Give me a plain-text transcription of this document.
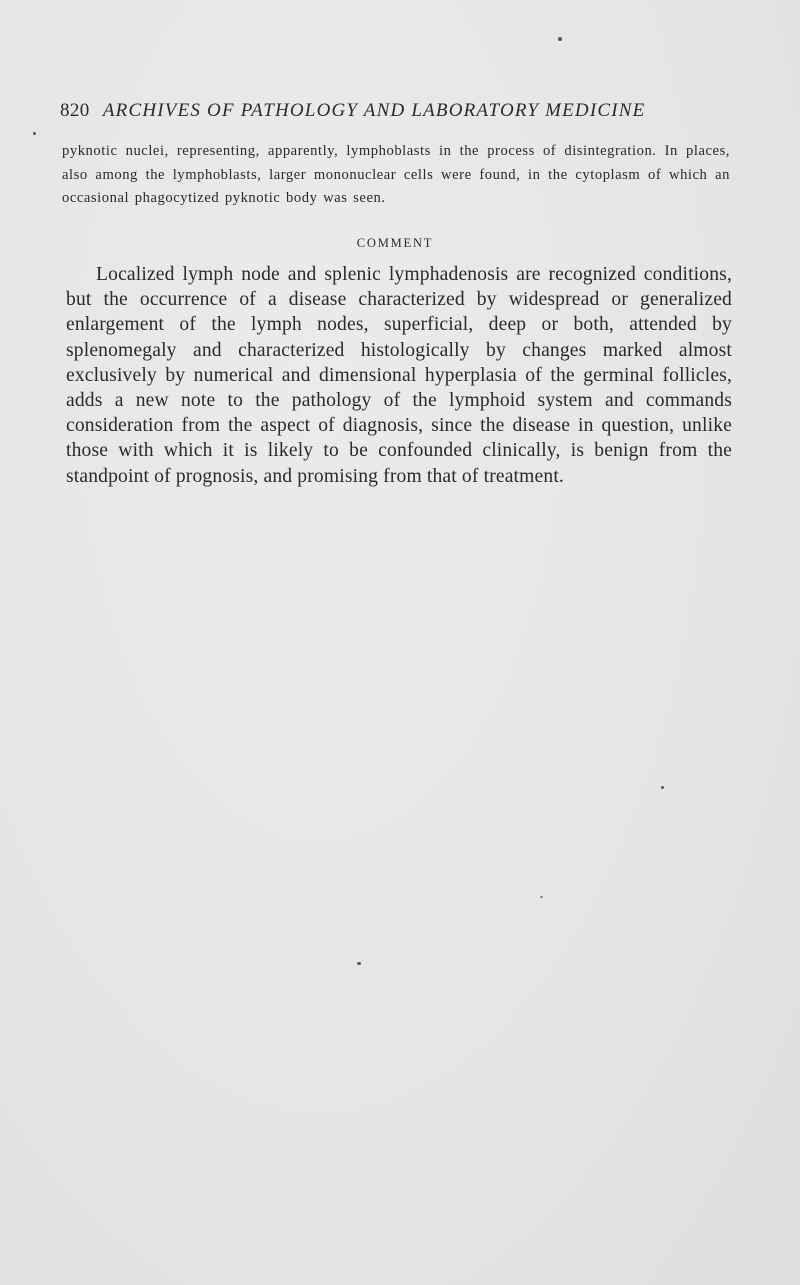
820 ARCHIVES OF PATHOLOGY AND LABORATORY MEDICINE

pyknotic nuclei, representing, apparently, lymphoblasts in the process of disintegration. In places, also among the lymphoblasts, larger mononuclear cells were found, in the cytoplasm of which an occasional phagocytized pyknotic body was seen.

COMMENT

Localized lymph node and splenic lymphadenosis are recognized conditions, but the occurrence of a disease characterized by widespread or generalized enlargement of the lymph nodes, superficial, deep or both, attended by splenomegaly and characterized histologically by changes marked almost exclusively by numerical and dimensional hyperplasia of the germinal follicles, adds a new note to the pathology of the lymphoid system and commands consideration from the aspect of diagnosis, since the disease in question, unlike those with which it is likely to be confounded clinically, is benign from the standpoint of prognosis, and promising from that of treatment.
